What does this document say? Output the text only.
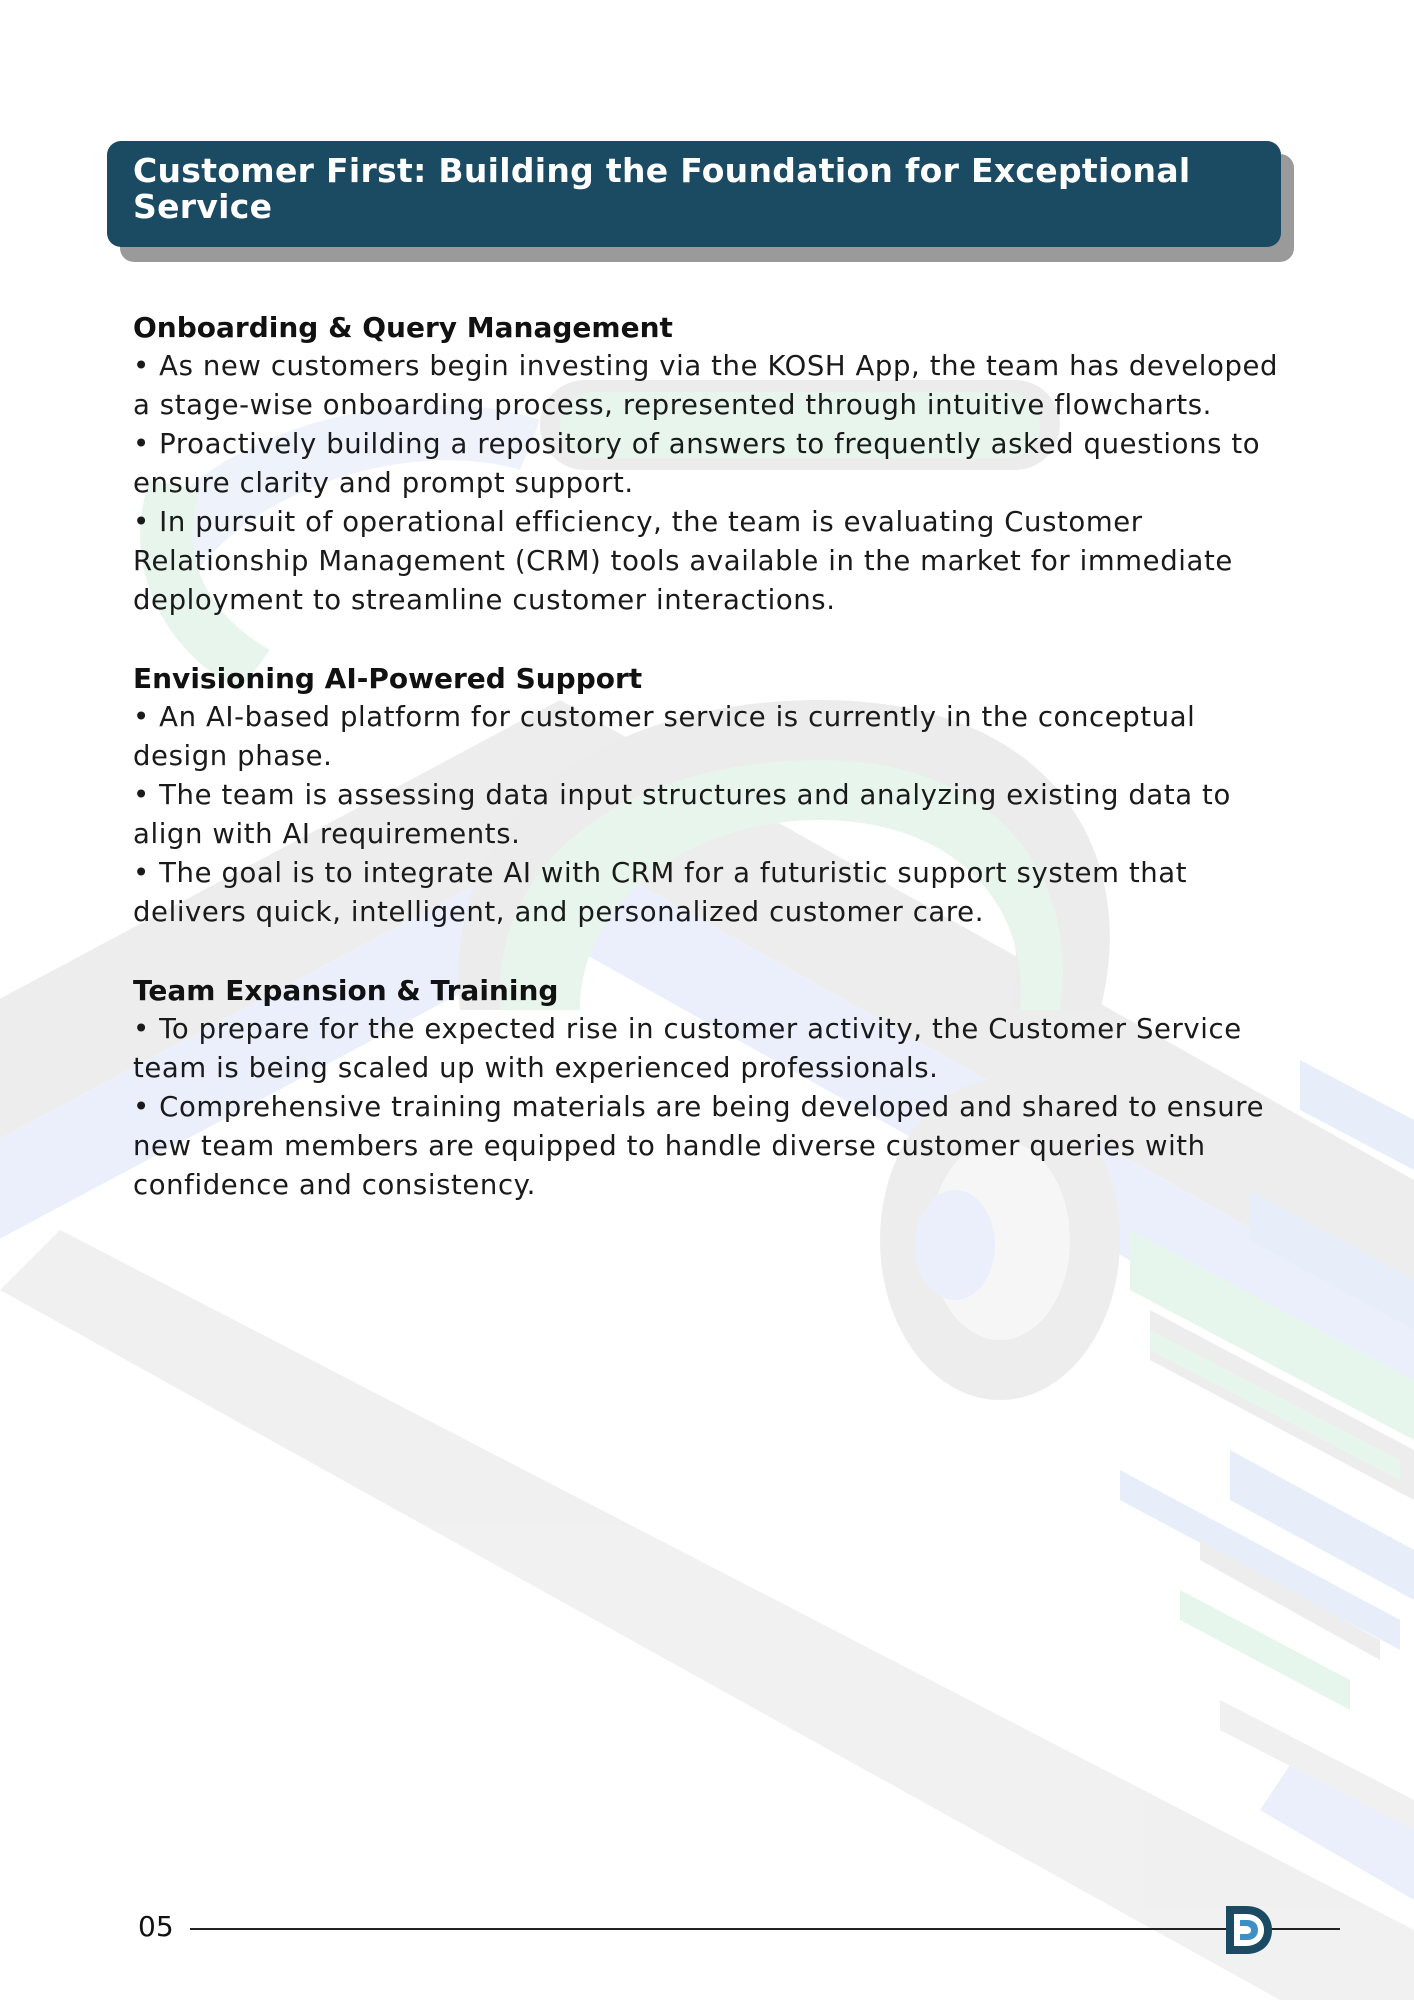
Customer First: Building the Foundation for Exceptional Service
Onboarding & Query Management

• As new customers begin investing via the KOSH App, the team has developed a stage-wise onboarding process, represented through intuitive flowcharts.

• Proactively building a repository of answers to frequently asked questions to ensure clarity and prompt support.

• In pursuit of operational efficiency, the team is evaluating Customer Relationship Management (CRM) tools available in the market for immediate deployment to streamline customer interactions.

Envisioning AI-Powered Support

• An AI-based platform for customer service is currently in the conceptual design phase.

• The team is assessing data input structures and analyzing existing data to align with AI requirements.

• The goal is to integrate AI with CRM for a futuristic support system that delivers quick, intelligent, and personalized customer care.

Team Expansion & Training

• To prepare for the expected rise in customer activity, the Customer Service team is being scaled up with experienced professionals.

• Comprehensive training materials are being developed and shared to ensure new team members are equipped to handle diverse customer queries with confidence and consistency.

05
